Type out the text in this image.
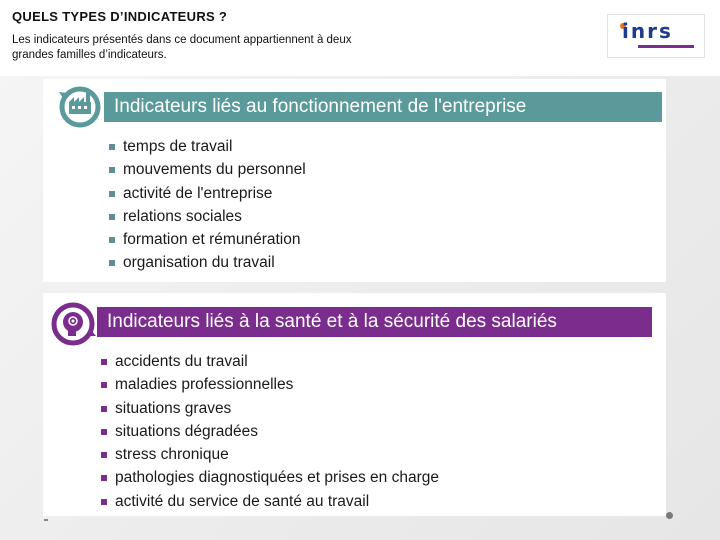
QUELS TYPES D’INDICATEURS ?
Les indicateurs présentés dans ce document appartiennent à deux
grandes familles d’indicateurs.
inrs
Indicateurs liés au fonctionnement de l'entreprise
temps de travail
mouvements du personnel
activité de l'entreprise
relations sociales
formation et rémunération
organisation du travail
Indicateurs liés à la santé et à la sécurité des salariés
accidents du travail
maladies professionnelles
situations graves
situations dégradées
stress chronique
pathologies diagnostiquées et prises en charge
activité du service de santé au travail
